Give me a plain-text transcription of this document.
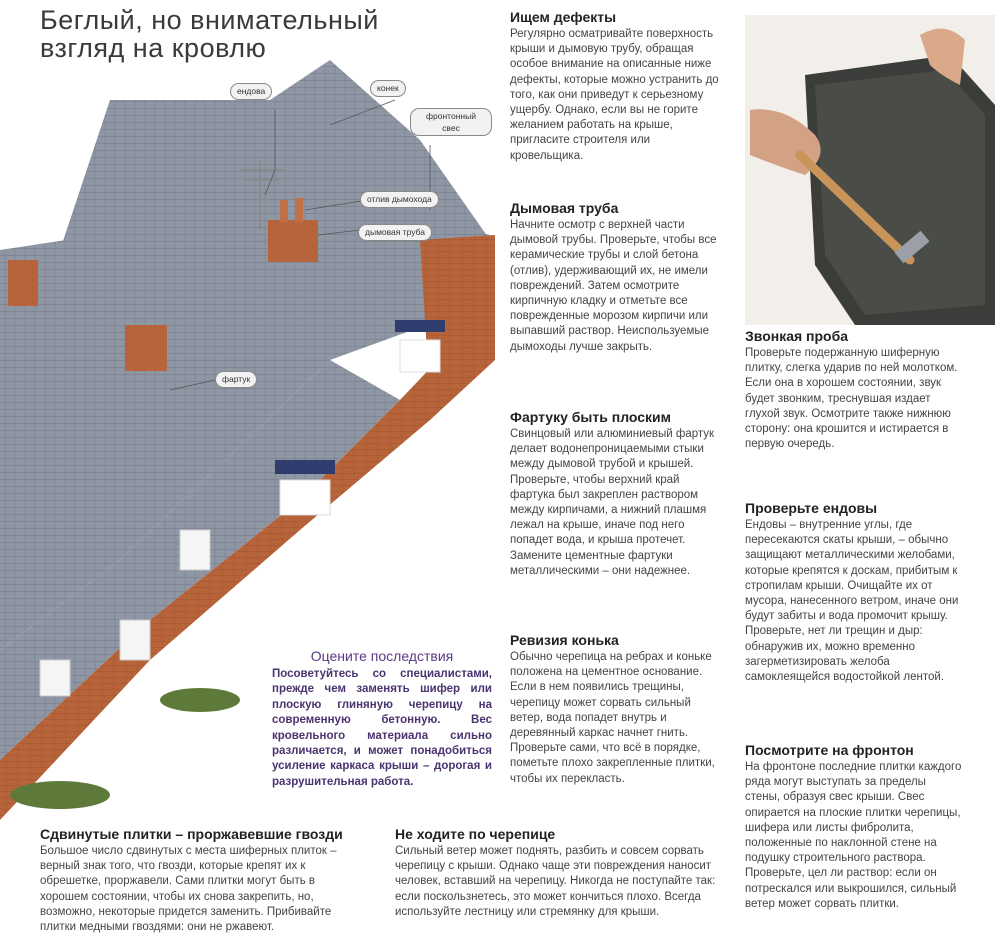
Беглый, но внимательный
взгляд на кровлю
ендова	конек
фронтонный свес
отлив дымохода
дымовая труба
фартук
Ищем дефекты

Регулярно осматривайте поверхность крыши и дымовую трубу, обращая особое внимание на описанные ниже дефекты, которые можно устранить до того, как они приведут к серьезному ущербу. Однако, если вы не горите желанием работать на крыше, пригласите строителя или кровельщика.

Дымовая труба

Начните осмотр с верхней части дымовой трубы. Проверьте, чтобы все керамические трубы и слой бетона (отлив), удерживающий их, не имели повреждений. Затем осмотрите кирпичную кладку и отметьте все поврежденные морозом кирпичи или выпавший раствор. Неиспользуемые дымоходы лучше закрыть.

Фартуку быть плоским

Свинцовый или алюминиевый фартук делает водонепроницаемыми стыки между дымовой трубой и крышей. Проверьте, чтобы верхний край фартука был закреплен раствором между кирпичами, а нижний плашмя лежал на крыше, иначе под него попадет вода, и крыша протечет. Замените цементные фартуки металлическими – они надежнее.

Ревизия конька

Обычно черепица на ребрах и коньке положена на цементное основание. Если в нем появились трещины, черепицу может сорвать сильный ветер, вода попадет внутрь и деревянный каркас начнет гнить. Проверьте сами, что всё в порядке, пометьте плохо закрепленные плитки, чтобы их перекласть.

Звонкая проба

Проверьте подержанную шиферную плитку, слегка ударив по ней молотком. Если она в хорошем состоянии, звук будет звонким, треснувшая издает глухой звук. Осмотрите также нижнюю сторону: она крошится и истирается в первую очередь.

Проверьте ендовы

Ендовы – внутренние углы, где пересекаются скаты крыши, – обычно защищают металлическими желобами, которые крепятся к доскам, прибитым к стропилам крыши. Очищайте их от мусора, нанесенного ветром, иначе они будут забиты и вода промочит крышу. Проверьте, нет ли трещин и дыр: обнаружив их, можно временно загерметизировать желоба самоклеящейся водостойкой лентой.

Посмотрите на фронтон

На фронтоне последние плитки каждого ряда могут выступать за пределы стены, образуя свес крыши. Свес опирается на плоские плитки черепицы, шифера или листы фибролита, положенные по наклонной стене на подушку строительного раствора. Проверьте, цел ли раствор: если он потрескался или выкрошился, сильный ветер может сорвать плитки.

Сдвинутые плитки – проржавевшие гвозди

Большое число сдвинутых с места шиферных плиток – верный знак того, что гвозди, которые крепят их к обрешетке, проржавели. Сами плитки могут быть в хорошем состоянии, чтобы их снова закрепить, но, возможно, некоторые придется заменить. Прибивайте плитки медными гвоздями: они не ржавеют.

Не ходите по черепице

Сильный ветер может поднять, разбить и совсем сорвать черепицу с крыши. Однако чаще эти повреждения наносит человек, вставший на черепицу. Никогда не поступайте так: если поскользнетесь, это может кончиться плохо. Всегда используйте лестницу или стремянку для крыши.

Оцените последствия

Посоветуйтесь со специалистами, прежде чем заменять шифер или плоскую глиняную черепицу на современную бетонную. Вес кровельного материала сильно различается, и может понадобиться усиление каркаса крыши – дорогая и разрушительная работа.
